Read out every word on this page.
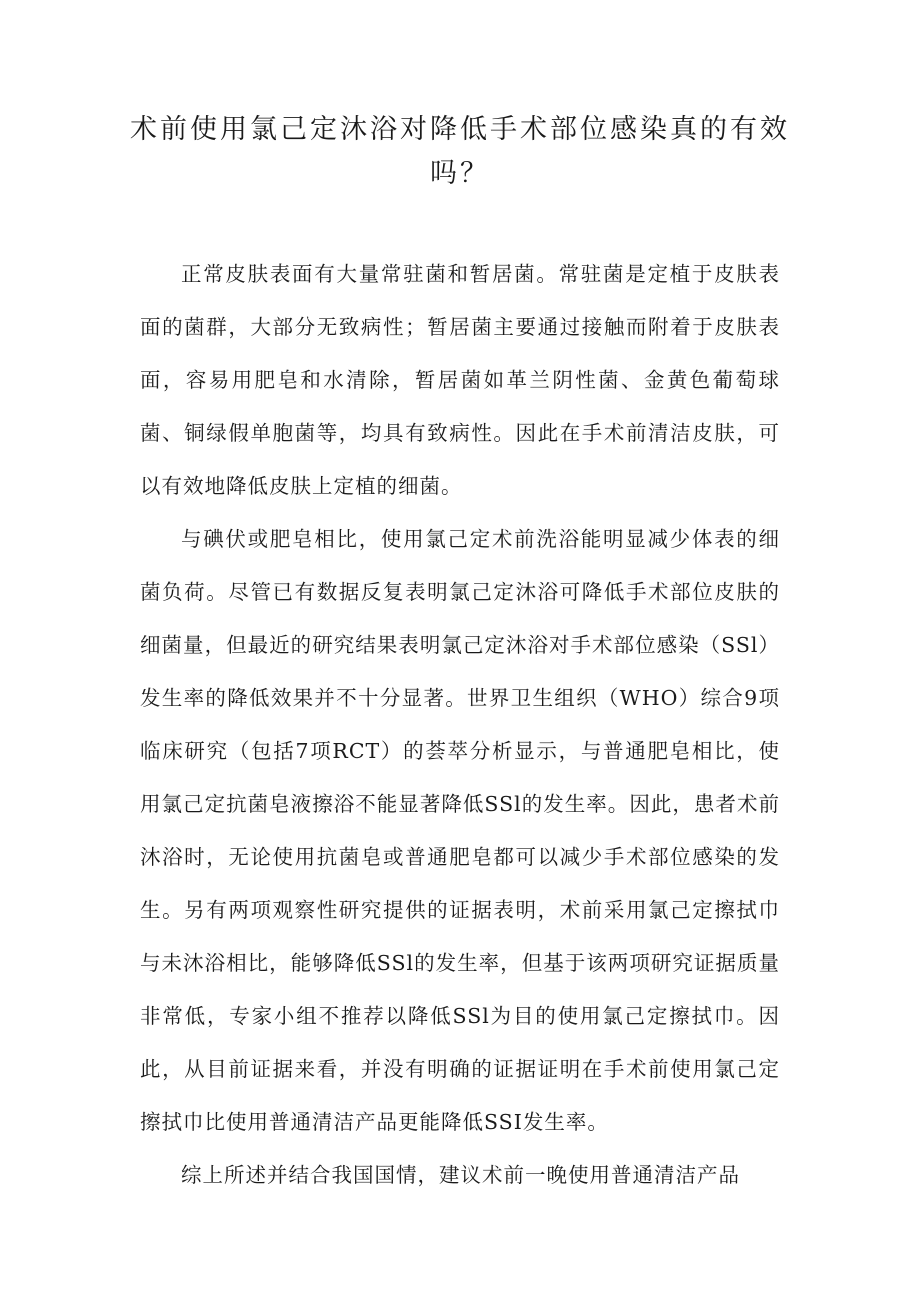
术前使用氯己定沐浴对降低手术部位感染真的有效吗？

正常皮肤表面有大量常驻菌和暂居菌。常驻菌是定植于皮肤表面的菌群，大部分无致病性；暂居菌主要通过接触而附着于皮肤表面，容易用肥皂和水清除，暂居菌如革兰阴性菌、金黄色葡萄球菌、铜绿假单胞菌等，均具有致病性。因此在手术前清洁皮肤，可以有效地降低皮肤上定植的细菌。

与碘伏或肥皂相比，使用氯己定术前洗浴能明显减少体表的细菌负荷。尽管已有数据反复表明氯己定沐浴可降低手术部位皮肤的细菌量，但最近的研究结果表明氯己定沐浴对手术部位感染（SSl）发生率的降低效果并不十分显著。世界卫生组织（WHO）综合9项临床研究（包括7项RCT）的荟萃分析显示，与普通肥皂相比，使用氯己定抗菌皂液擦浴不能显著降低SSl的发生率。因此，患者术前沐浴时，无论使用抗菌皂或普通肥皂都可以减少手术部位感染的发生。另有两项观察性研究提供的证据表明，术前采用氯己定擦拭巾与未沐浴相比，能够降低SSl的发生率，但基于该两项研究证据质量非常低，专家小组不推荐以降低SSl为目的使用氯己定擦拭巾。因此，从目前证据来看，并没有明确的证据证明在手术前使用氯己定擦拭巾比使用普通清洁产品更能降低SSI发生率。

综上所述并结合我国国情，建议术前一晚使用普通清洁产品
